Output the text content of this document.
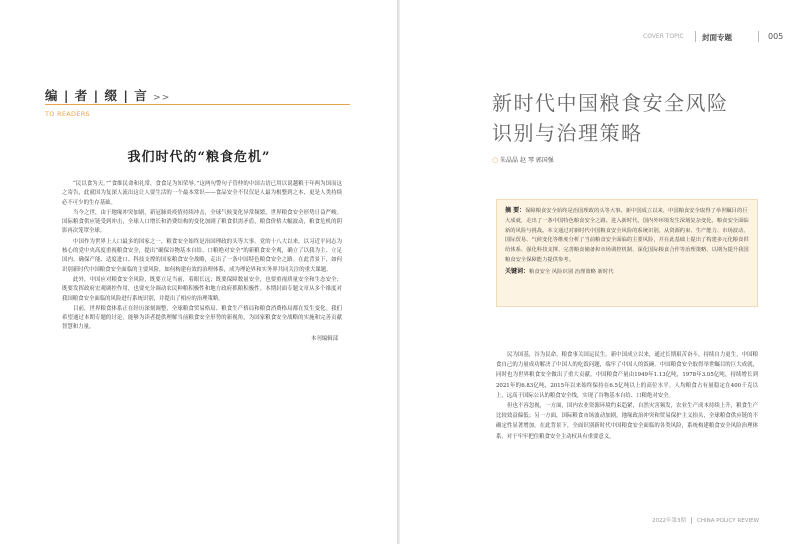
编 | 者 | 缀 | 言 >>
TO READERS
我们时代的“粮食危机”

“民以食为天。”“食维民命和礼常，食食足为知荣辱。”这两句警句子管仲的中国古语已用以说越粮于年两为国而这之寄告，此就国为复深人流出这让人要生活的一个最本常识——食品安全不仅仅是人最为根整到之本，更是人类持续必不可少的生存基础。

当今之世，由于地缘冲突加剧，新冠肺炎疫情持续冲击，全球气候变化异常频繁，世界粮食安全形势日益严峻。国际粮食供应链受到冲击，全球人口增长和消费结构的变化加剧了粮食供需矛盾，粮食价格大幅波动，粮食危机的阴影再次笼罩全球。

中国作为世界上人口最多的国家之一，粮食安全始终是治国理政的头等大事。党的十八大以来，以习近平同志为核心的党中央高度重视粮食安全，提出“确保谷物基本自给、口粮绝对安全”的新粮食安全观，确立了以我为主、立足国内、确保产能、适度进口、科技支撑的国家粮食安全战略，走出了一条中国特色粮食安全之路。在此背景下，如何识别新时代中国粮食安全面临的主要风险，如何构建有效的治理体系，成为理论界和实务界共同关注的重大课题。

此外，中国应对粮食安全风险，既要立足当前，着眼长远；既要保障数量安全，也要重视质量安全和生态安全；既要发挥政府宏观调控作用，也要充分调动农民种粮积极性和地方政府抓粮积极性。本期封面专题文章从多个维度对我国粮食安全面临的风险进行系统识别，并提出了相应的治理策略。

目前，世界粮食体系正在经历深刻调整，全球粮食贸易格局、粮食生产格局和粮食消费格局都在发生变化。我们希望通过本期专题的讨论，能够为读者提供理解当前粮食安全形势的新视角，为国家粮食安全战略的实施和完善贡献智慧和力量。

本刊编辑部
COVER TOPIC 封面专题	005
新时代中国粮食安全风险
识别与治理策略
○ 朱晶晶 赵 琴 郭国强
摘 要：保障粮食安全始终是治国理政的头等大事。新中国成立以来，中国粮食安全取得了举世瞩目的巨大成就，走出了一条中国特色粮食安全之路。进入新时代，国内外环境发生深刻复杂变化，粮食安全面临新的风险与挑战。本文通过对新时代中国粮食安全风险的系统识别，从资源约束、生产能力、市场波动、国际贸易、气候变化等维度分析了当前粮食安全面临的主要风险，并在此基础上提出了构建多元化粮食供给体系、强化科技支撑、完善粮食储备和市场调控机制、深化国际粮食合作等治理策略，以期为提升我国粮食安全保障能力提供参考。
关键词：粮食安全 风险识别 治理策略 新时代

民为国基，谷为民命，粮食事关国运民生。新中国成立以来，通过长期艰苦奋斗，持续自力更生，中国粮食自己的力量成功解决了中国人的吃饭问题，端牢了中国人的饭碗。中国粮食安全取得举世瞩目的巨大成就，同时也为世界粮食安全做出了重大贡献。中国粮食产量由1949年1.13亿吨，1978年3.05亿吨，持续增长到2021年的6.83亿吨，2015年以来始终保持在6.5亿吨以上的高位水平。人均粮食占有量稳定在400千克以上，远高于国际公认的粮食安全线，实现了谷物基本自给、口粮绝对安全。

但也不容忽视，一方面，国内农业资源环境约束趋紧，自然灾害频发，农业生产成本持续上升，粮食生产比较效益偏低；另一方面，国际粮食市场波动加剧，地缘政治冲突和贸易保护主义抬头，全球粮食供应链的不确定性显著增加。在此背景下，全面识别新时代中国粮食安全面临的各类风险，系统构建粮食安全风险治理体系，对于牢牢把住粮食安全主动权具有重要意义。

2022年第3期 CHINA POLICY REVIEW
